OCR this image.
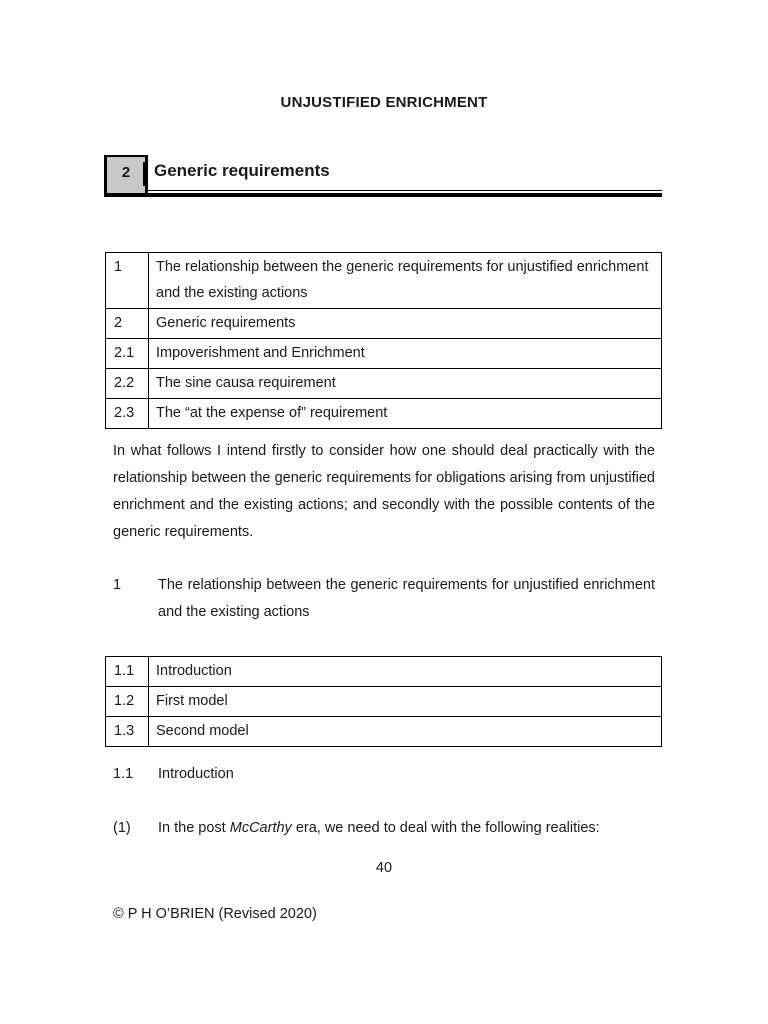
UNJUSTIFIED ENRICHMENT
2	Generic requirements
1	The relationship between the generic requirements for unjustified enrichment and the existing actions
2	Generic requirements
2.1	Impoverishment and Enrichment
2.2	The sine causa requirement
2.3	The “at the expense of” requirement
In what follows I intend firstly to consider how one should deal practically with the relationship between the generic requirements for obligations arising from unjustified enrichment and the existing actions; and secondly with the possible contents of the generic requirements.
1	The relationship between the generic requirements for unjustified enrichment and the existing actions
1.1	Introduction
1.2	First model
1.3	Second model
1.1 Introduction
(1) In the post McCarthy era, we need to deal with the following realities:
40
© P H O’BRIEN (Revised 2020)
